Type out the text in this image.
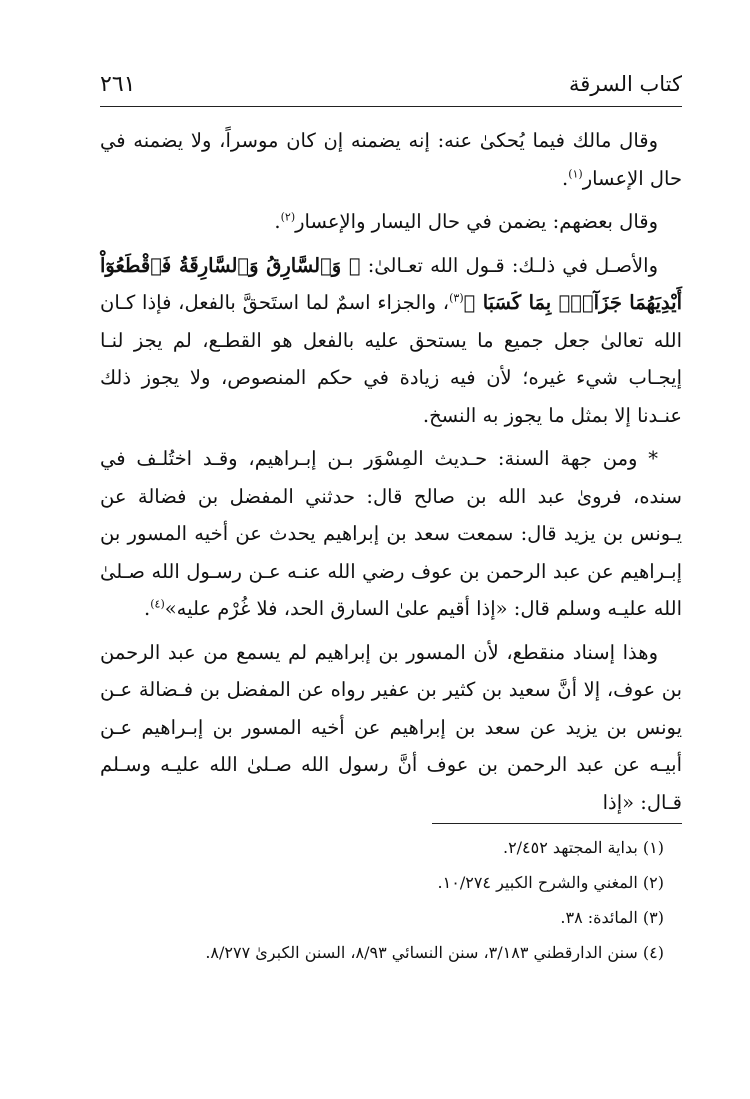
كتاب السرقة
٢٦١

وقال مالك فيما يُحكىٰ عنه: إنه يضمنه إن كان موسراً، ولا يضمنه في حال الإعسار$^{(١)}$.

وقال بعضهم: يضمن في حال اليسار والإعسار$^{(٢)}$.

والأصـل في ذلـك: قـول الله تعـالىٰ: ﴿ وَٱلسَّارِقُ وَٱلسَّارِقَةُ فَٱقْطَعُوٓاْ أَيْدِيَهُمَا جَزَآءًۢ بِمَا كَسَبَا ﴾$^{(٣)}$، والجزاء اسمٌ لما استَحقَّ بالفعل، فإذا كـان الله تعالىٰ جعل جميع ما يستحق عليه بالفعل هو القطـع، لم يجز لنـا إيجـاب شيء غيره؛ لأن فيه زيادة في حكم المنصوص، ولا يجوز ذلك عنـدنا إلا بمثل ما يجوز به النسخ.

* ومن جهة السنة: حـديث المِسْوَر بـن إبـراهيم، وقـد اختُلـف في سنده، فروىٰ عبد الله بن صالح قال: حدثني المفضل بن فضالة عن يـونس بن يزيد قال: سمعت سعد بن إبراهيم يحدث عن أخيه المسور بن إبـراهيم عن عبد الرحمن بن عوف رضي الله عنـه عـن رسـول الله صـلىٰ الله عليـه وسلم قال: «إذا أقيم علىٰ السارق الحد، فلا غُرْم عليه»$^{(٤)}$.

وهذا إسناد منقطع، لأن المسور بن إبراهيم لم يسمع من عبد الرحمن بن عوف، إلا أنَّ سعيد بن كثير بن عفير رواه عن المفضل بن فـضالة عـن يونس بن يزيد عن سعد بن إبراهيم عن أخيه المسور بن إبـراهيم عـن أبيـه عن عبد الرحمن بن عوف أنَّ رسول الله صـلىٰ الله عليـه وسـلم قـال: «إذا

(١) بداية المجتهد ٢/٤٥٢.

(٢) المغني والشرح الكبير ١٠/٢٧٤.

(٣) المائدة: ٣٨.

(٤) سنن الدارقطني ٣/١٨٣، سنن النسائي ٨/٩٣، السنن الكبرىٰ ٨/٢٧٧.
